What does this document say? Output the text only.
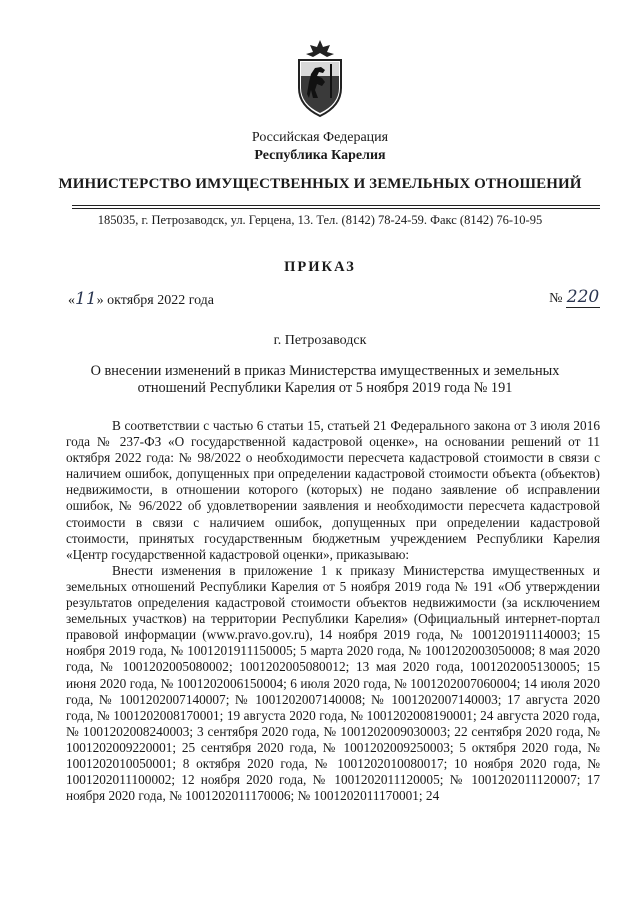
Российская Федерация
Республика Карелия
МИНИСТЕРСТВО ИМУЩЕСТВЕННЫХ И ЗЕМЕЛЬНЫХ ОТНОШЕНИЙ
185035, г. Петрозаводск, ул. Герцена, 13. Тел. (8142) 78-24-59. Факс (8142) 76-10-95
ПРИКАЗ
«11» октября 2022 года	№ 220
г. Петрозаводск
О внесении изменений в приказ Министерства имущественных и земельных отношений Республики Карелия от 5 ноября 2019 года № 191

В соответствии с частью 6 статьи 15, статьей 21 Федерального закона от 3 июля 2016 года № 237-ФЗ «О государственной кадастровой оценке», на основании решений от 11 октября 2022 года: № 98/2022 о необходимости пересчета кадастровой стоимости в связи с наличием ошибок, допущенных при определении кадастровой стоимости объекта (объектов) недвижимости, в отношении которого (которых) не подано заявление об исправлении ошибок, № 96/2022 об удовлетворении заявления и необходимости пересчета кадастровой стоимости в связи с наличием ошибок, допущенных при определении кадастровой стоимости, принятых государственным бюджетным учреждением Республики Карелия «Центр государственной кадастровой оценки», приказываю:

Внести изменения в приложение 1 к приказу Министерства имущественных и земельных отношений Республики Карелия от 5 ноября 2019 года № 191 «Об утверждении результатов определения кадастровой стоимости объектов недвижимости (за исключением земельных участков) на территории Республики Карелия» (Официальный интернет-портал правовой информации (www.pravo.gov.ru), 14 ноября 2019 года, № 1001201911140003; 15 ноября 2019 года, № 1001201911150005; 5 марта 2020 года, № 1001202003050008; 8 мая 2020 года, № 1001202005080002; 1001202005080012; 13 мая 2020 года, 1001202005130005; 15 июня 2020 года, № 1001202006150004; 6 июля 2020 года, № 1001202007060004; 14 июля 2020 года, № 1001202007140007; № 1001202007140008; № 1001202007140003; 17 августа 2020 года, № 1001202008170001; 19 августа 2020 года, № 1001202008190001; 24 августа 2020 года, № 1001202008240003; 3 сентября 2020 года, № 1001202009030003; 22 сентября 2020 года, № 1001202009220001; 25 сентября 2020 года, № 1001202009250003; 5 октября 2020 года, № 1001202010050001; 8 октября 2020 года, № 1001202010080017; 10 ноября 2020 года, № 1001202011100002; 12 ноября 2020 года, № 1001202011120005; № 1001202011120007; 17 ноября 2020 года, № 1001202011170006; № 1001202011170001; 24
